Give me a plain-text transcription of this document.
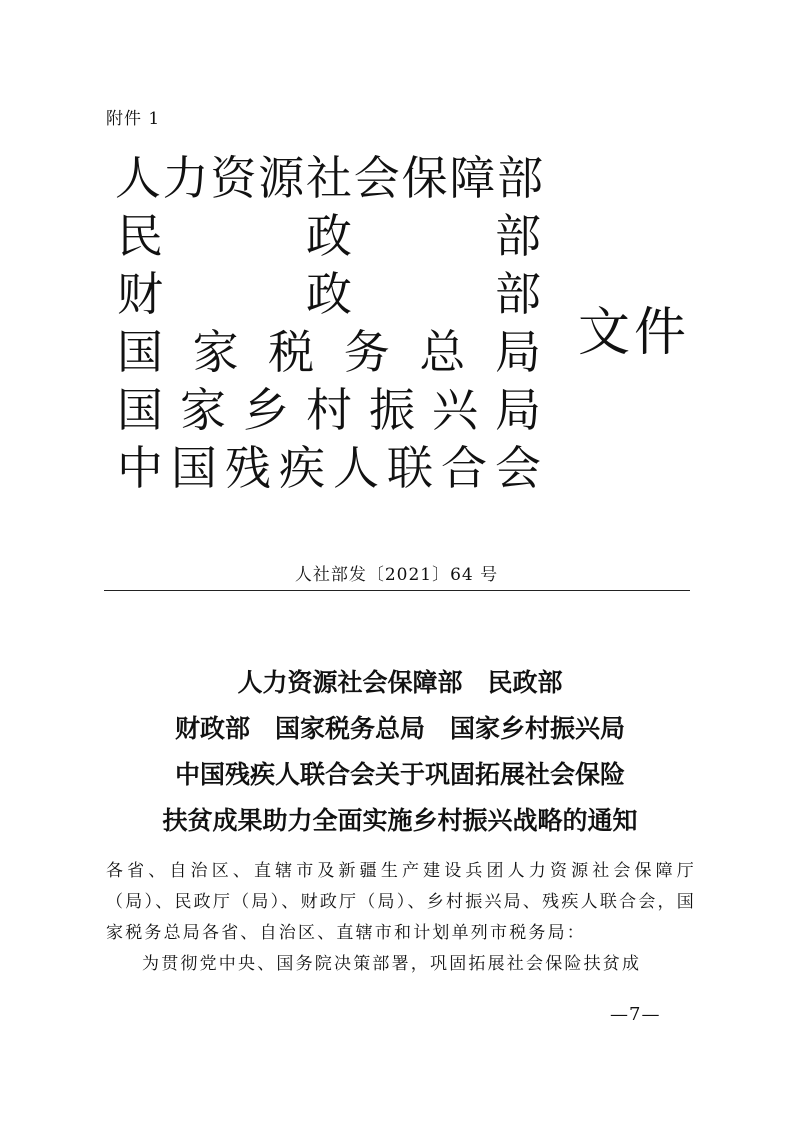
附件 1
人 力 资 源 社 会 保 障 部
民	政	部
财	政	部
国 家 税 务 总 局
国 家 乡 村 振 兴 局
中 国 残 疾 人 联 合 会
文件
人社部发〔2021〕64 号
人力资源社会保障部　民政部
财政部　国家税务总局　国家乡村振兴局
中国残疾人联合会关于巩固拓展社会保险
扶贫成果助力全面实施乡村振兴战略的通知

各省、自治区、直辖市及新疆生产建设兵团人力资源社会保障厅（局）、民政厅（局）、财政厅（局）、乡村振兴局、残疾人联合会，国家税务总局各省、自治区、直辖市和计划单列市税务局：

为贯彻党中央、国务院决策部署，巩固拓展社会保险扶贫成

—7—
